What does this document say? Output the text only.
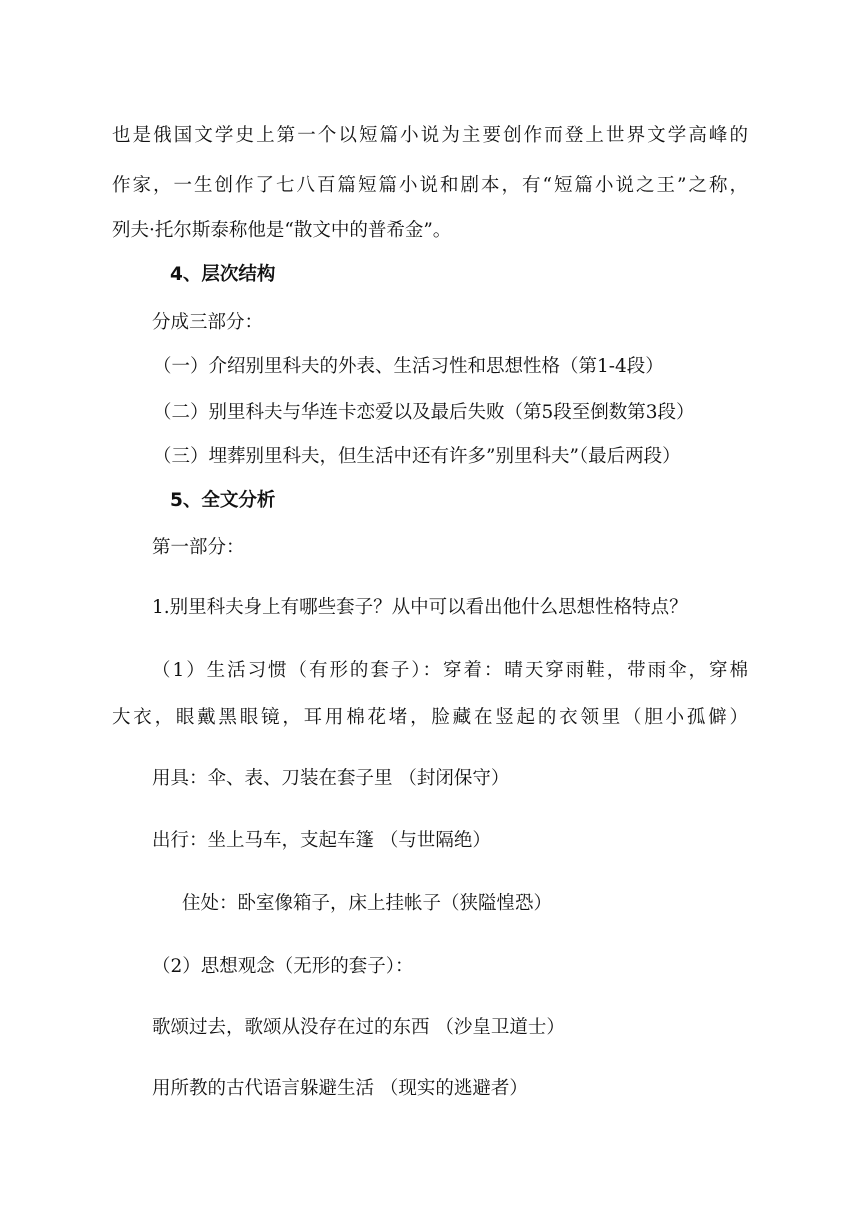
也是俄国文学史上第一个以短篇小说为主要创作而登上世界文学高峰的
作家，一生创作了七八百篇短篇小说和剧本，有“短篇小说之王”之称，
列夫·托尔斯泰称他是“散文中的普希金”。
4、层次结构
分成三部分：
（一）介绍别里科夫的外表、生活习性和思想性格（第1-4段）
（二）别里科夫与华连卡恋爱以及最后失败（第5段至倒数第3段）
（三）埋葬别里科夫，但生活中还有许多”别里科夫”（最后两段）
5、全文分析
第一部分：
1.别里科夫身上有哪些套子？从中可以看出他什么思想性格特点？
（1）生活习惯（有形的套子）：穿着：晴天穿雨鞋，带雨伞，穿棉
大衣，眼戴黑眼镜，耳用棉花堵，脸藏在竖起的衣领里（胆小孤僻）
用具：伞、表、刀装在套子里 （封闭保守）
出行：坐上马车，支起车篷 （与世隔绝）
住处：卧室像箱子，床上挂帐子（狭隘惶恐）
（2）思想观念（无形的套子）：
歌颂过去，歌颂从没存在过的东西 （沙皇卫道士）
用所教的古代语言躲避生活 （现实的逃避者）
